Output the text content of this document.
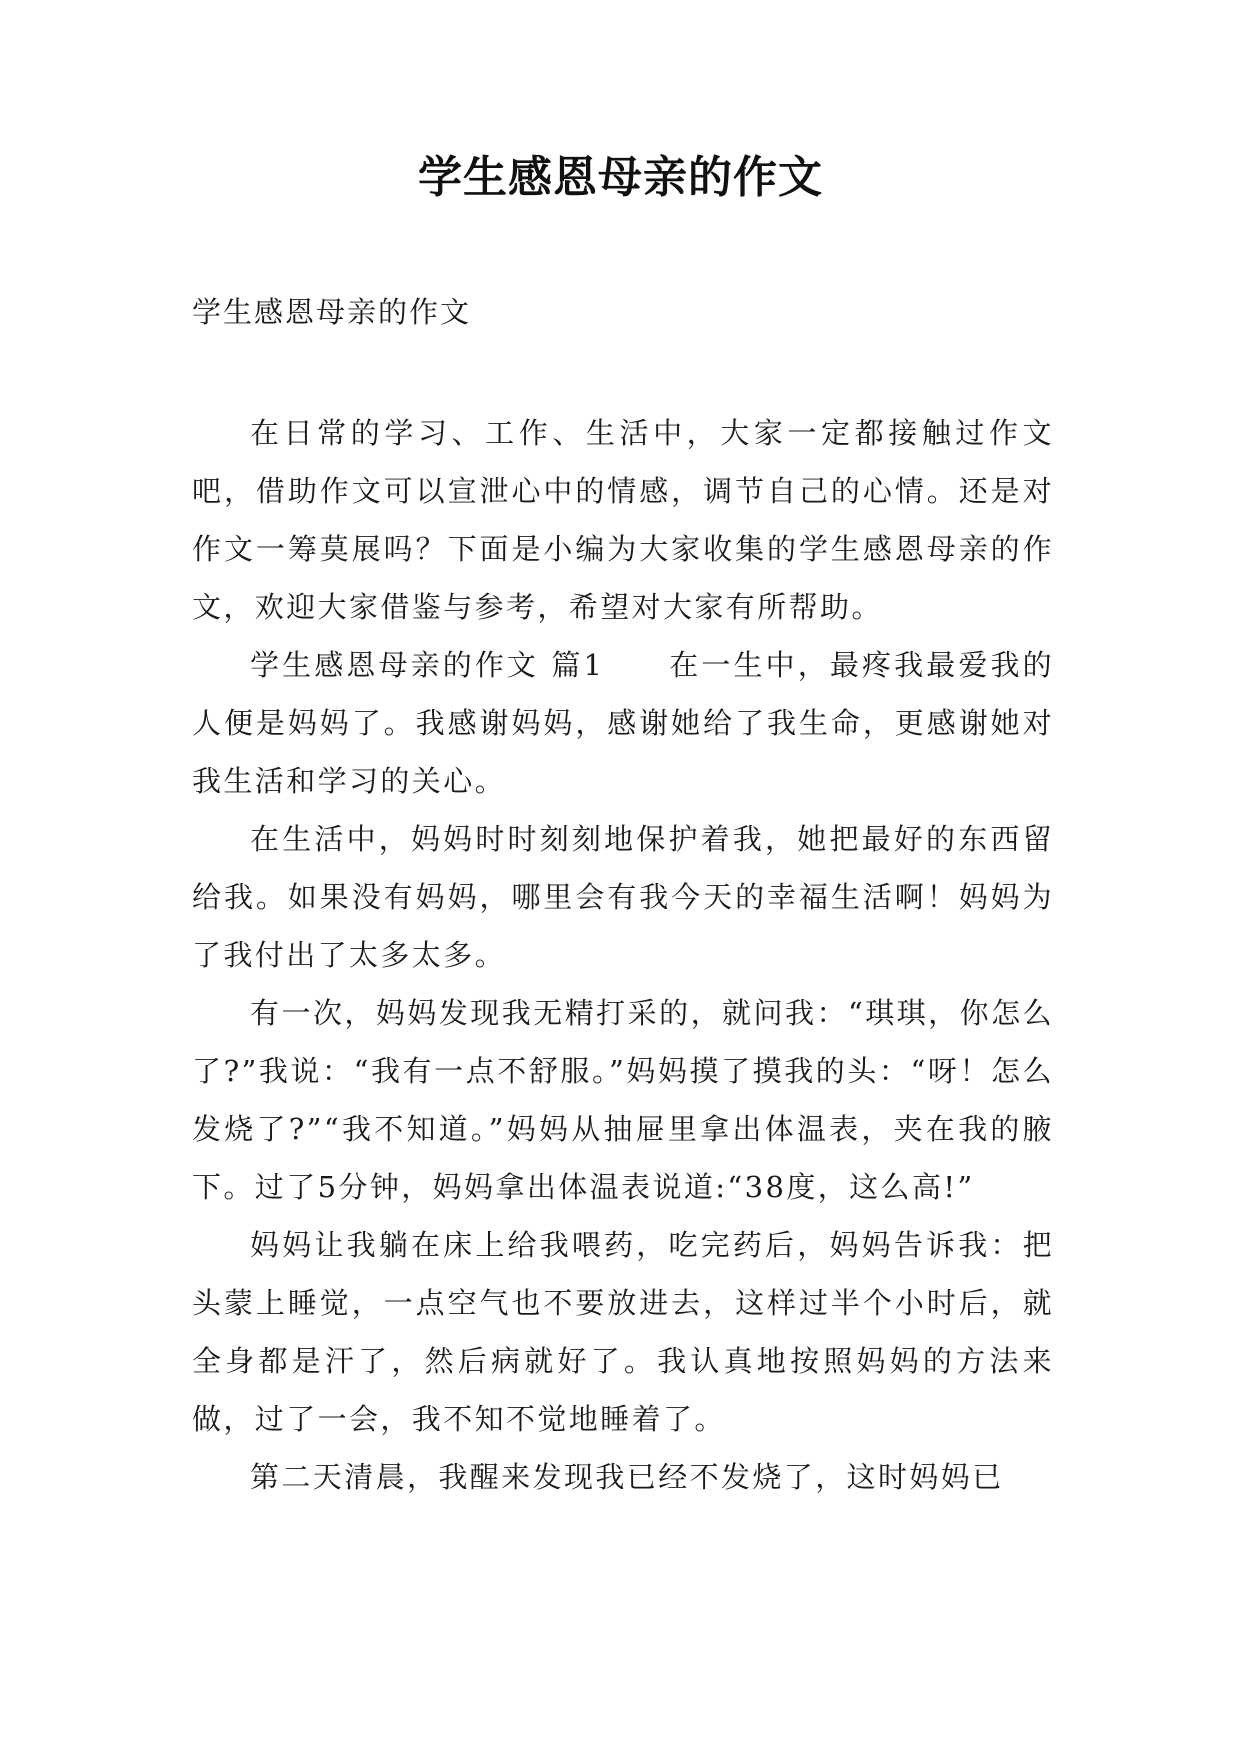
学生感恩母亲的作文

学生感恩母亲的作文

在日常的学习、工作、生活中，大家一定都接触过作文吧，借助作文可以宣泄心中的情感，调节自己的心情。还是对作文一筹莫展吗？下面是小编为大家收集的学生感恩母亲的作文，欢迎大家借鉴与参考，希望对大家有所帮助。

学生感恩母亲的作文 篇1　　在一生中，最疼我最爱我的人便是妈妈了。我感谢妈妈，感谢她给了我生命，更感谢她对我生活和学习的关心。

在生活中，妈妈时时刻刻地保护着我，她把最好的东西留给我。如果没有妈妈，哪里会有我今天的幸福生活啊！妈妈为了我付出了太多太多。

有一次，妈妈发现我无精打采的，就问我：“琪琪，你怎么了?”我说：“我有一点不舒服。”妈妈摸了摸我的头：“呀！怎么发烧了?”“我不知道。”妈妈从抽屉里拿出体温表，夹在我的腋下。过了5分钟，妈妈拿出体温表说道:“38度，这么高!”

妈妈让我躺在床上给我喂药，吃完药后，妈妈告诉我：把头蒙上睡觉，一点空气也不要放进去，这样过半个小时后，就全身都是汗了，然后病就好了。我认真地按照妈妈的方法来做，过了一会，我不知不觉地睡着了。

第二天清晨，我醒来发现我已经不发烧了，这时妈妈已
